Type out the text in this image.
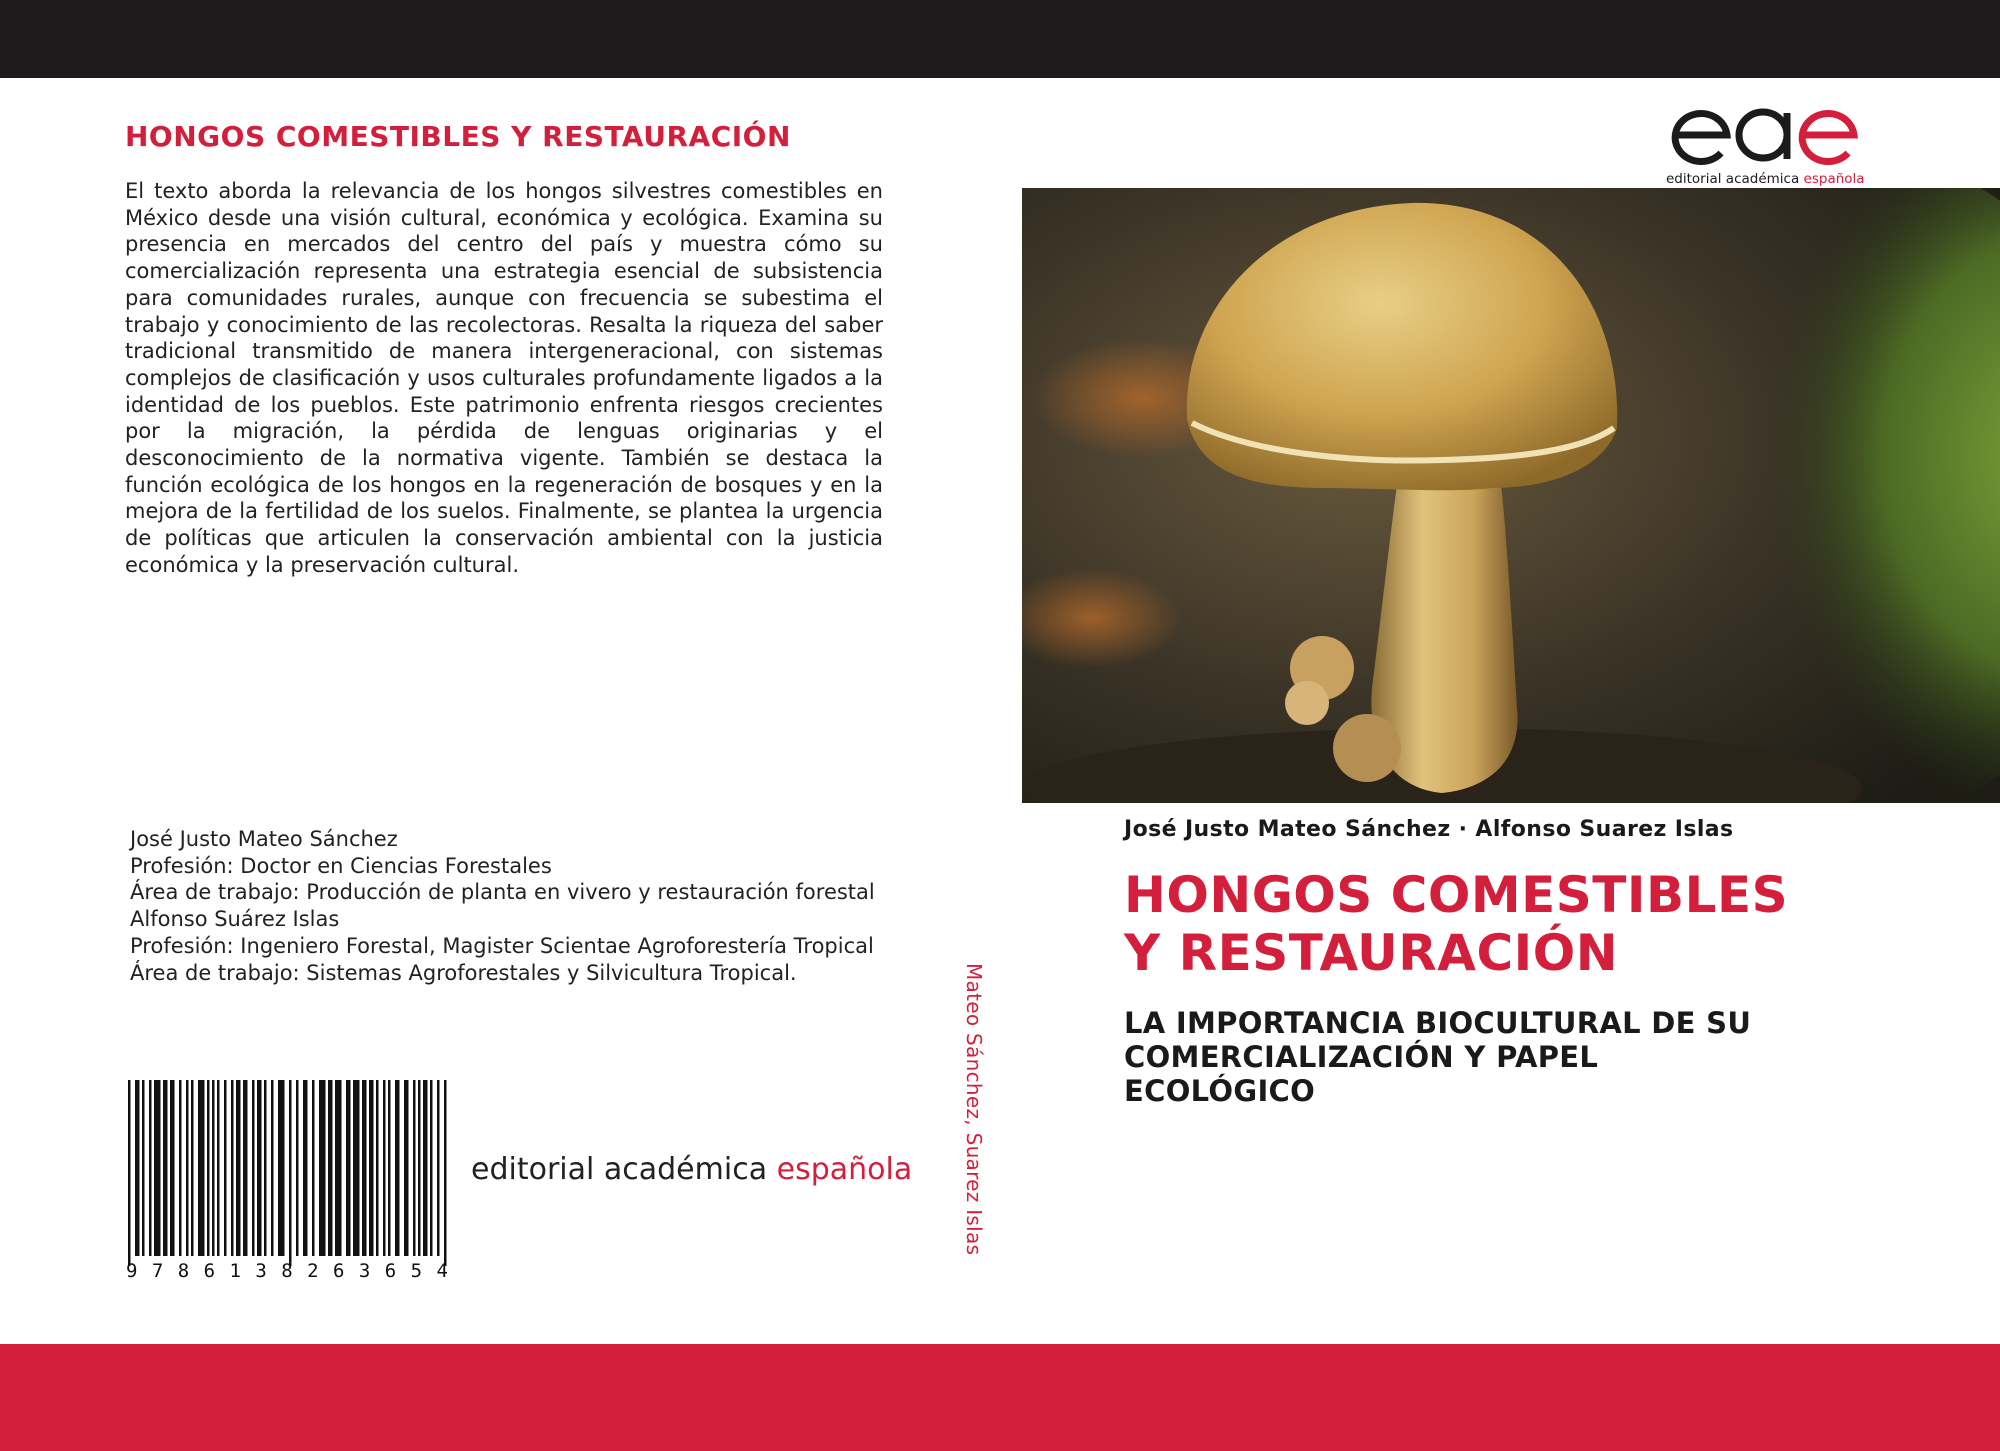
HONGOS COMESTIBLES Y RESTAURACIÓN

El texto aborda la relevancia de los hongos silvestres comestibles en México desde una visión cultural, económica y ecológica. Examina su presencia en mercados del centro del país y muestra cómo su comercialización representa una estrategia esencial de subsistencia para comunidades rurales, aunque con frecuencia se subestima el trabajo y conocimiento de las recolectoras. Resalta la riqueza del saber tradicional transmitido de manera intergeneracional, con sistemas complejos de clasificación y usos culturales profundamente ligados a la identidad de los pueblos. Este patrimonio enfrenta riesgos crecientes por la migración, la pérdida de lenguas originarias y el desconocimiento de la normativa vigente. También se destaca la función ecológica de los hongos en la regeneración de bosques y en la mejora de la fertilidad de los suelos. Finalmente, se plantea la urgencia de políticas que articulen la conservación ambiental con la justicia económica y la preservación cultural.

José Justo Mateo Sánchez
Profesión: Doctor en Ciencias Forestales
Área de trabajo: Producción de planta en vivero y restauración forestal
Alfonso Suárez Islas
Profesión: Ingeniero Forestal, Magister Scientae Agroforestería Tropical
Área de trabajo: Sistemas Agroforestales y Silvicultura Tropical.
9786138263654
editorial académica española Mateo Sánchez, Suarez Islas
editorial académica española
José Justo Mateo Sánchez · Alfonso Suarez Islas
HONGOS COMESTIBLES
Y RESTAURACIÓN
LA IMPORTANCIA BIOCULTURAL DE SU
COMERCIALIZACIÓN Y PAPEL
ECOLÓGICO
